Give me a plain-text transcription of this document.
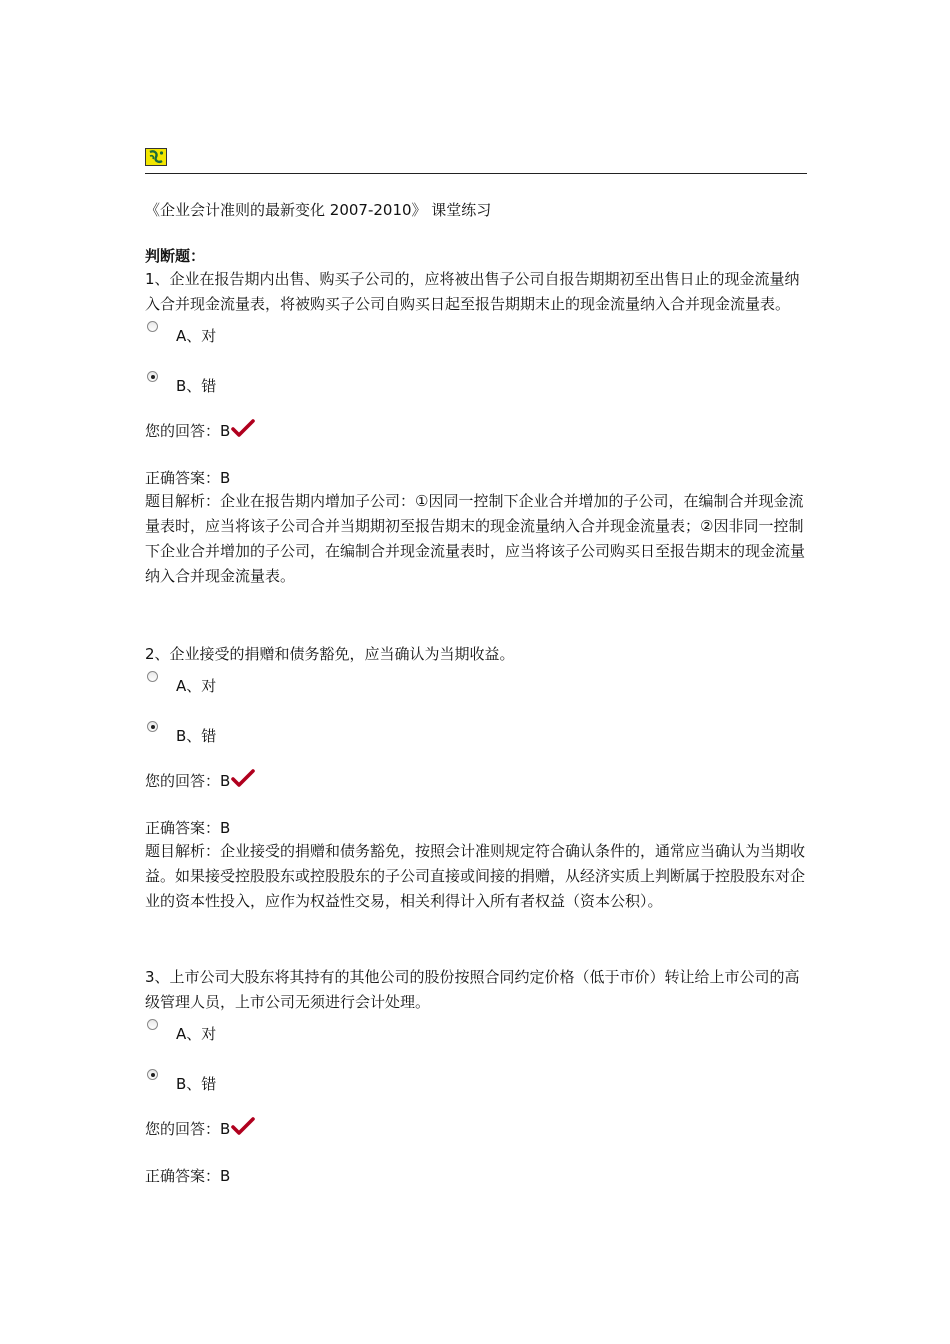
《企业会计准则的最新变化 2007-2010》 课堂练习
判断题：

1、企业在报告期内出售、购买子公司的，应将被出售子公司自报告期期初至出售日止的现金流量纳入合并现金流量表，将被购买子公司自购买日起至报告期期末止的现金流量纳入合并现金流量表。

A、对
B、错
您的回答：B
正确答案：B

题目解析：企业在报告期内增加子公司：①因同一控制下企业合并增加的子公司，在编制合并现金流量表时，应当将该子公司合并当期期初至报告期末的现金流量纳入合并现金流量表；②因非同一控制下企业合并增加的子公司，在编制合并现金流量表时，应当将该子公司购买日至报告期末的现金流量纳入合并现金流量表。

2、企业接受的捐赠和债务豁免，应当确认为当期收益。

A、对
B、错
您的回答：B
正确答案：B

题目解析：企业接受的捐赠和债务豁免，按照会计准则规定符合确认条件的，通常应当确认为当期收益。如果接受控股股东或控股股东的子公司直接或间接的捐赠，从经济实质上判断属于控股股东对企业的资本性投入，应作为权益性交易，相关利得计入所有者权益（资本公积）。

3、上市公司大股东将其持有的其他公司的股份按照合同约定价格（低于市价）转让给上市公司的高级管理人员，上市公司无须进行会计处理。

A、对
B、错
您的回答：B
正确答案：B
